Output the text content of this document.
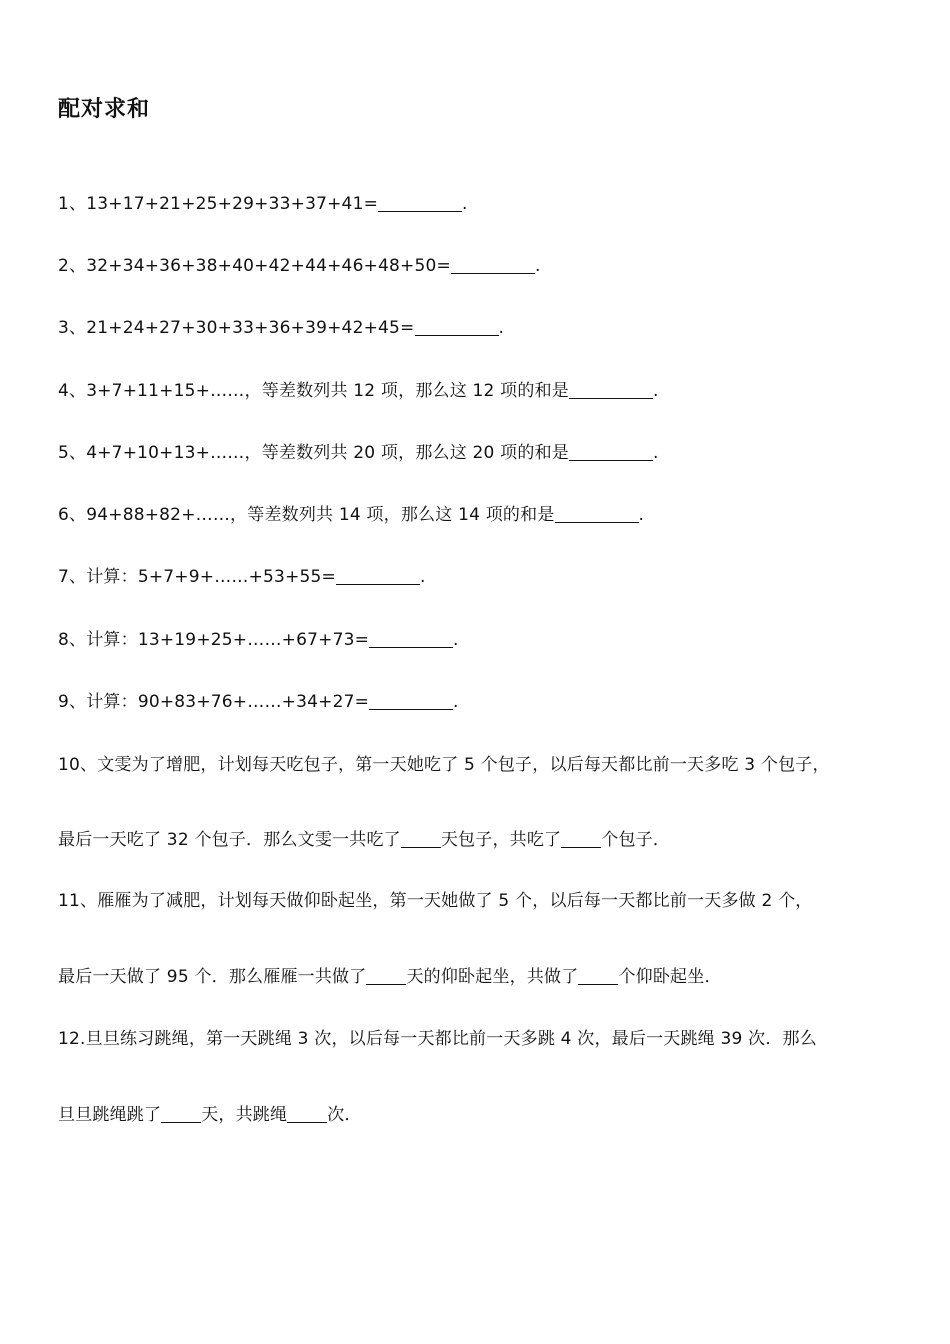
配对求和
1、13+17+21+25+29+33+37+41=	.
2、32+34+36+38+40+42+44+46+48+50=	.
3、21+24+27+30+33+36+39+42+45=	.
4、3+7+11+15+……，等差数列共 12 项，那么这 12 项的和是	.
5、4+7+10+13+……，等差数列共 20 项，那么这 20 项的和是	.
6、94+88+82+……，等差数列共 14 项，那么这 14 项的和是	.
7、计算：5+7+9+……+53+55=	.
8、计算：13+19+25+……+67+73=	.
9、计算：90+83+76+……+34+27=	.
10、文雯为了增肥，计划每天吃包子，第一天她吃了 5 个包子，以后每天都比前一天多吃 3 个包子，
最后一天吃了 32 个包子．那么文雯一共吃了 天包子，共吃了 个包子．
11、雁雁为了减肥，计划每天做仰卧起坐，第一天她做了 5 个，以后每一天都比前一天多做 2 个，
最后一天做了 95 个．那么雁雁一共做了 天的仰卧起坐，共做了 个仰卧起坐．
12.旦旦练习跳绳，第一天跳绳 3 次，以后每一天都比前一天多跳 4 次，最后一天跳绳 39 次．那么
旦旦跳绳跳了 天，共跳绳 次．
